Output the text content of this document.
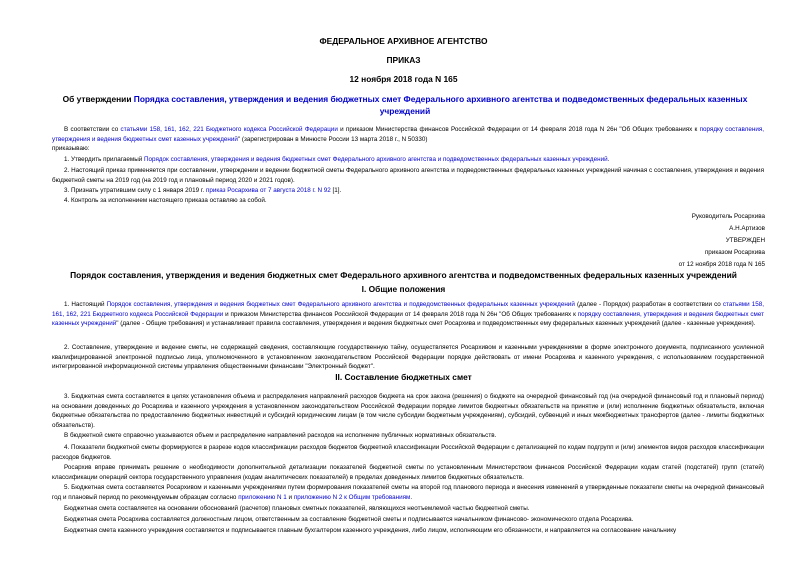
ФЕДЕРАЛЬНОЕ АРХИВНОЕ АГЕНТСТВО
ПРИКАЗ
12 ноября 2018 года N 165
Об утверждении Порядка составления, утверждения и ведения бюджетных смет Федерального архивного агентства и подведомственных федеральных казенных учреждений
В соответствии со статьями 158, 161, 162, 221 Бюджетного кодекса Российской Федерации и приказом Министерства финансов Российской Федерации от 14 февраля 2018 года N 26н "Об Общих требованиях к порядку составления, утверждения и ведения бюджетных смет казенных учреждений" (зарегистрирован в Минюсте России 13 марта 2018 г., N 50330)
приказываю:
1. Утвердить прилагаемый Порядок составления, утверждения и ведения бюджетных смет Федерального архивного агентства и подведомственных федеральных казенных учреждений.
2. Настоящий приказ применяется при составлении, утверждении и ведении бюджетной сметы Федерального архивного агентства и подведомственных федеральных казенных учреждений начиная с составления, утверждения и ведения бюджетной сметы на 2019 год (на 2019 год и плановый период 2020 и 2021 годов).
3. Признать утратившим силу с 1 января 2019 г. приказ Росархива от 7 августа 2018 г. N 92 [1].
4. Контроль за исполнением настоящего приказа оставляю за собой.
Руководитель Росархива
А.Н.Артизов
УТВЕРЖДЕН
приказом Росархива
от 12 ноября 2018 года N 165
Порядок составления, утверждения и ведения бюджетных смет Федерального архивного агентства и подведомственных федеральных казенных учреждений
I. Общие положения
1. Настоящий Порядок составления, утверждения и ведения бюджетных смет Федерального архивного агентства и подведомственных федеральных казенных учреждений (далее - Порядок) разработан в соответствии со статьями 158, 161, 162, 221 Бюджетного кодекса Российской Федерации и приказом Министерства финансов Российской Федерации от 14 февраля 2018 года N 26н "Об Общих требованиях к порядку составления, утверждения и ведения бюджетных смет казенных учреждений" (далее - Общие требования) и устанавливает правила составления, утверждения и ведения бюджетных смет Росархива и подведомственных ему федеральных казенных учреждений (далее - казенные учреждения).
2. Составление, утверждение и ведение сметы, не содержащей сведения, составляющие государственную тайну, осуществляется Росархивом и казенными учреждениями в форме электронного документа, подписанного усиленной квалифицированной электронной подписью лица, уполномоченного в установленном законодательством Российской Федерации порядке действовать от имени Росархива и казенного учреждения, с использованием государственной интегрированной информационной системы управления общественными финансами "Электронный бюджет".
II. Составление бюджетных смет
3. Бюджетная смета составляется в целях установления объема и распределения направлений расходов бюджета на срок закона (решения) о бюджете на очередной финансовый год (на очередной финансовый год и плановый период) на основании доведенных до Росархива и казенного учреждения в установленном законодательством Российской Федерации порядке лимитов бюджетных обязательств на принятие и (или) исполнение бюджетных обязательств, включая бюджетные обязательства по предоставлению бюджетных инвестиций и субсидий юридическим лицам (в том числе субсидии бюджетным учреждениям), субсидий, субвенций и иных межбюджетных трансфертов (далее - лимиты бюджетных обязательств).
В бюджетной смете справочно указываются объем и распределение направлений расходов на исполнение публичных нормативных обязательств.
4. Показатели бюджетной сметы формируются в разрезе кодов классификации расходов бюджетов бюджетной классификации Российской Федерации с детализацией по кодам подгрупп и (или) элементов видов расходов классификации расходов бюджетов.
Росархив вправе принимать решение о необходимости дополнительной детализации показателей бюджетной сметы по установленным Министерством финансов Российской Федерации кодам статей (подстатей) групп (статей) классификации операций сектора государственного управления (кодам аналитических показателей) в пределах доведенных лимитов бюджетных обязательств.
5. Бюджетная смета составляется Росархивом и казенными учреждениями путем формирования показателей сметы на второй год планового периода и внесения изменений в утвержденные показатели сметы на очередной финансовый год и плановый период по рекомендуемым образцам согласно приложению N 1 и приложению N 2 к Общим требованиям.
Бюджетная смета составляется на основании обоснований (расчетов) плановых сметных показателей, являющихся неотъемлемой частью бюджетной сметы.
Бюджетная смета Росархива составляется должностным лицом, ответственным за составление бюджетной сметы и подписывается начальником финансово- экономического отдела Росархива.
Бюджетная смета казенного учреждения составляется и подписывается главным бухгалтером казенного учреждения, либо лицом, исполняющим его обязанности, и направляется на согласование начальнику
